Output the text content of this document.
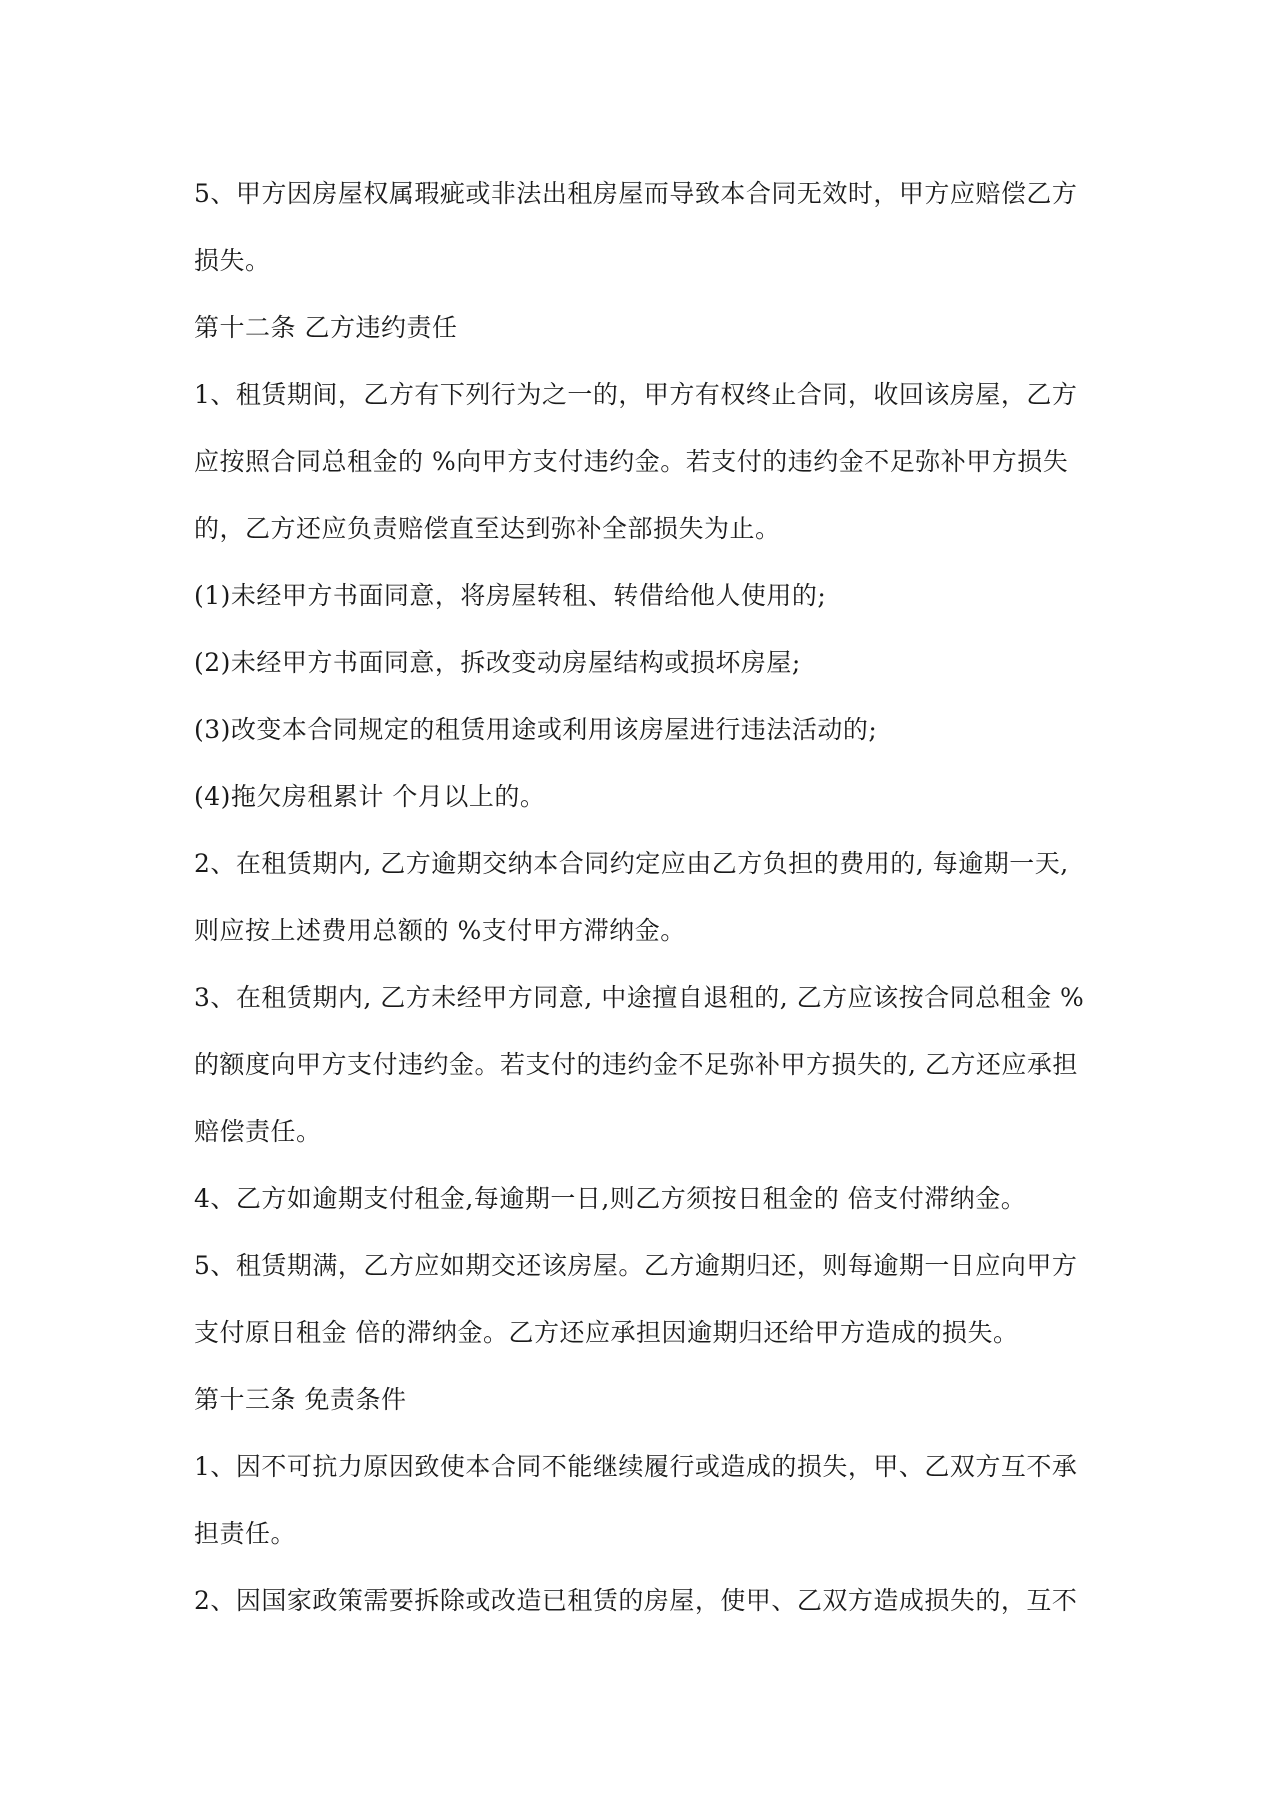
5、甲方因房屋权属瑕疵或非法出租房屋而导致本合同无效时，甲方应赔偿乙方
损失。
第十二条 乙方违约责任
1、租赁期间，乙方有下列行为之一的，甲方有权终止合同，收回该房屋，乙方
应按照合同总租金的 %向甲方支付违约金。若支付的违约金不足弥补甲方损失
的，乙方还应负责赔偿直至达到弥补全部损失为止。
(1)未经甲方书面同意，将房屋转租、转借给他人使用的;
(2)未经甲方书面同意，拆改变动房屋结构或损坏房屋;
(3)改变本合同规定的租赁用途或利用该房屋进行违法活动的;
(4)拖欠房租累计 个月以上的。
2、在租赁期内, 乙方逾期交纳本合同约定应由乙方负担的费用的, 每逾期一天,
则应按上述费用总额的 %支付甲方滞纳金。
3、在租赁期内, 乙方未经甲方同意, 中途擅自退租的, 乙方应该按合同总租金 %
的额度向甲方支付违约金。若支付的违约金不足弥补甲方损失的, 乙方还应承担
赔偿责任。
4、乙方如逾期支付租金,每逾期一日,则乙方须按日租金的 倍支付滞纳金。
5、租赁期满，乙方应如期交还该房屋。乙方逾期归还，则每逾期一日应向甲方
支付原日租金 倍的滞纳金。乙方还应承担因逾期归还给甲方造成的损失。
第十三条 免责条件
1、因不可抗力原因致使本合同不能继续履行或造成的损失，甲、乙双方互不承
担责任。
2、因国家政策需要拆除或改造已租赁的房屋，使甲、乙双方造成损失的，互不
